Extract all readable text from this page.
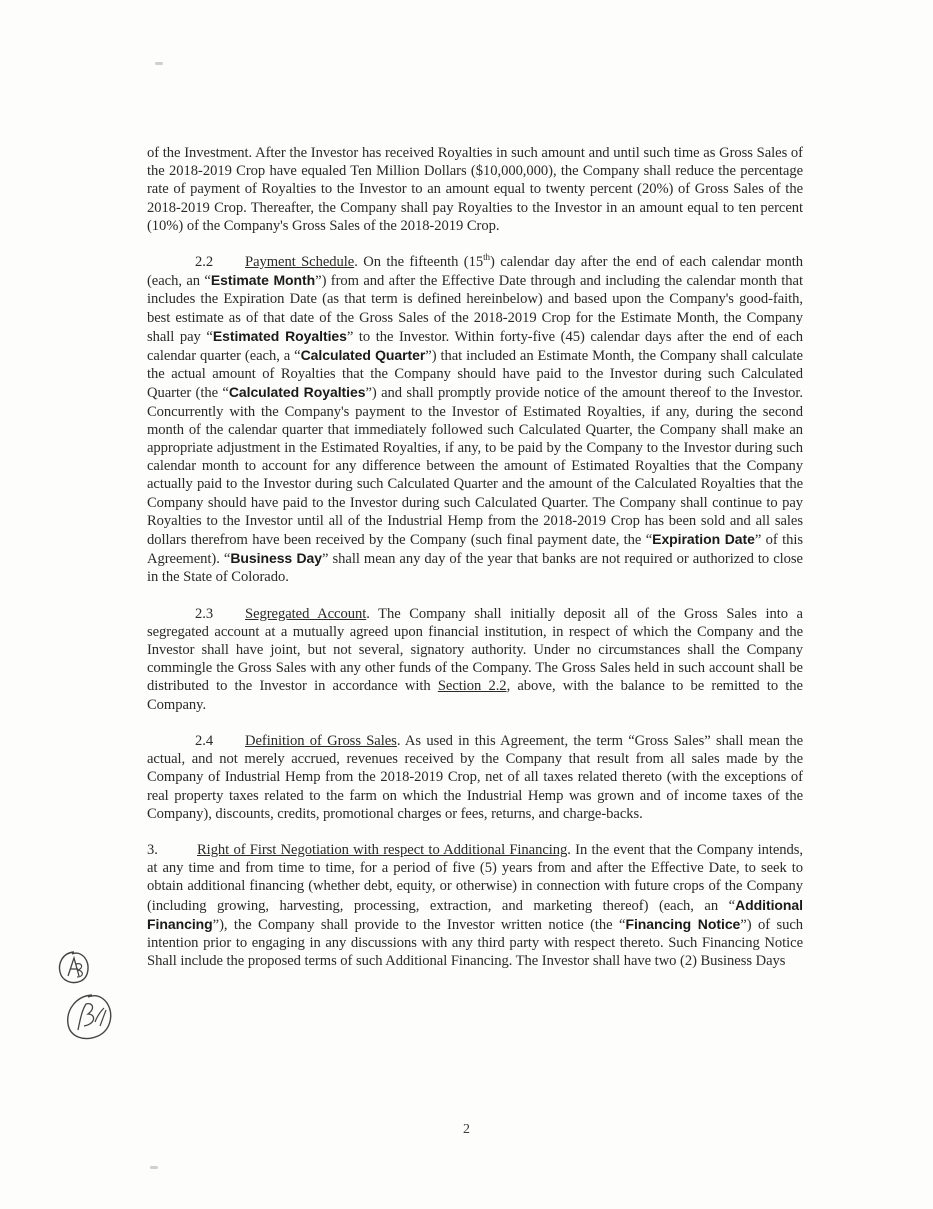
of the Investment. After the Investor has received Royalties in such amount and until such time as Gross Sales of the 2018-2019 Crop have equaled Ten Million Dollars ($10,000,000), the Company shall reduce the percentage rate of payment of Royalties to the Investor to an amount equal to twenty percent (20%) of Gross Sales of the 2018-2019 Crop. Thereafter, the Company shall pay Royalties to the Investor in an amount equal to ten percent (10%) of the Company's Gross Sales of the 2018-2019 Crop.

2.2 Payment Schedule. On the fifteenth (15th) calendar day after the end of each calendar month (each, an “Estimate Month”) from and after the Effective Date through and including the calendar month that includes the Expiration Date (as that term is defined hereinbelow) and based upon the Company's good-faith, best estimate as of that date of the Gross Sales of the 2018-2019 Crop for the Estimate Month, the Company shall pay “Estimated Royalties” to the Investor. Within forty-five (45) calendar days after the end of each calendar quarter (each, a “Calculated Quarter”) that included an Estimate Month, the Company shall calculate the actual amount of Royalties that the Company should have paid to the Investor during such Calculated Quarter (the “Calculated Royalties”) and shall promptly provide notice of the amount thereof to the Investor. Concurrently with the Company's payment to the Investor of Estimated Royalties, if any, during the second month of the calendar quarter that immediately followed such Calculated Quarter, the Company shall make an appropriate adjustment in the Estimated Royalties, if any, to be paid by the Company to the Investor during such calendar month to account for any difference between the amount of Estimated Royalties that the Company actually paid to the Investor during such Calculated Quarter and the amount of the Calculated Royalties that the Company should have paid to the Investor during such Calculated Quarter. The Company shall continue to pay Royalties to the Investor until all of the Industrial Hemp from the 2018-2019 Crop has been sold and all sales dollars therefrom have been received by the Company (such final payment date, the “Expiration Date” of this Agreement). “Business Day” shall mean any day of the year that banks are not required or authorized to close in the State of Colorado.

2.3 Segregated Account. The Company shall initially deposit all of the Gross Sales into a segregated account at a mutually agreed upon financial institution, in respect of which the Company and the Investor shall have joint, but not several, signatory authority. Under no circumstances shall the Company commingle the Gross Sales with any other funds of the Company. The Gross Sales held in such account shall be distributed to the Investor in accordance with Section 2.2, above, with the balance to be remitted to the Company.

2.4 Definition of Gross Sales. As used in this Agreement, the term “Gross Sales” shall mean the actual, and not merely accrued, revenues received by the Company that result from all sales made by the Company of Industrial Hemp from the 2018-2019 Crop, net of all taxes related thereto (with the exceptions of real property taxes related to the farm on which the Industrial Hemp was grown and of income taxes of the Company), discounts, credits, promotional charges or fees, returns, and charge-backs.

3.	Right of First Negotiation with respect to Additional Financing. In the event that the Company intends, at any time and from time to time, for a period of five (5) years from and after the Effective Date, to seek to obtain additional financing (whether debt, equity, or otherwise) in connection with future crops of the Company (including growing, harvesting, processing, extraction, and marketing thereof) (each, an “Additional Financing”), the Company shall provide to the Investor written notice (the “Financing Notice”) of such intention prior to engaging in any discussions with any third party with respect thereto. Such Financing Notice Shall include the proposed terms of such Additional Financing. The Investor shall have two (2) Business Days

2
